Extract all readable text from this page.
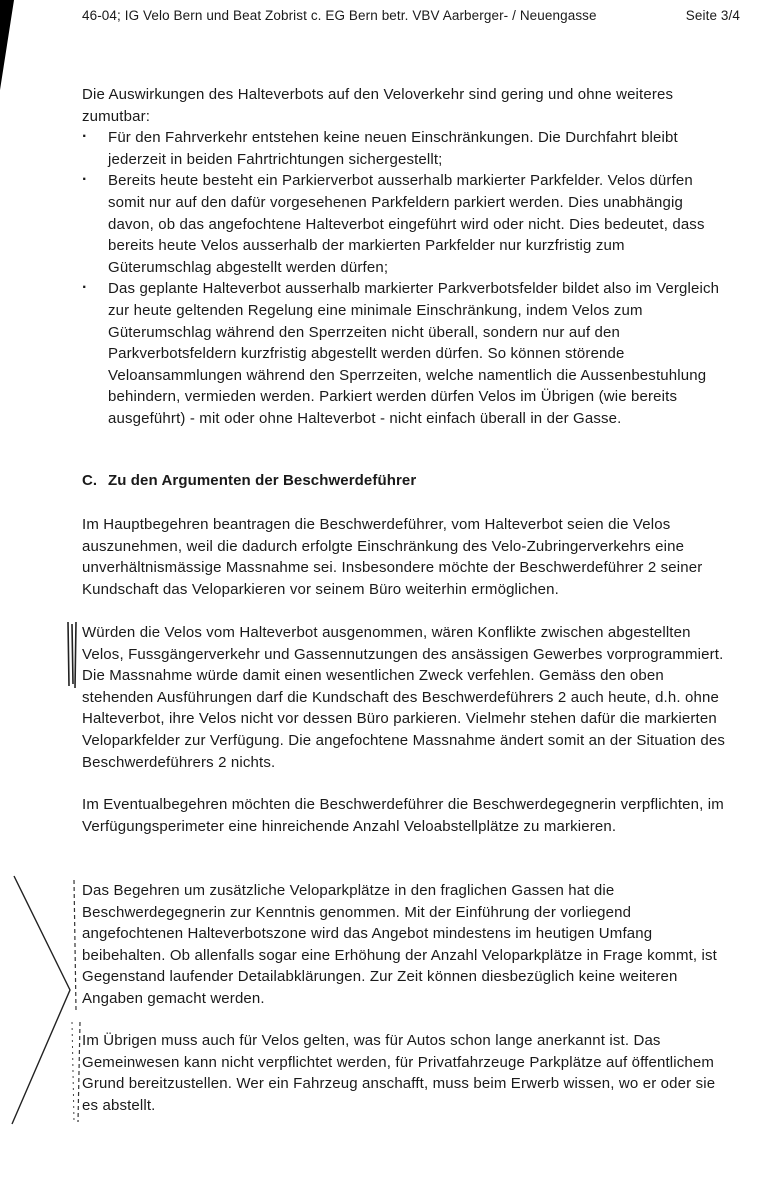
46-04; IG Velo Bern und Beat Zobrist c. EG Bern betr. VBV Aarberger- / Neuengasse	Seite 3/4

Die Auswirkungen des Halteverbots auf den Veloverkehr sind gering und ohne weiteres zumutbar:

· Für den Fahrverkehr entstehen keine neuen Einschränkungen. Die Durchfahrt bleibt jederzeit in beiden Fahrtrichtungen sichergestellt;
· Bereits heute besteht ein Parkierverbot ausserhalb markierter Parkfelder. Velos dürfen somit nur auf den dafür vorgesehenen Parkfeldern parkiert werden. Dies unabhängig davon, ob das angefochtene Halteverbot eingeführt wird oder nicht. Dies bedeutet, dass bereits heute Velos ausserhalb der markierten Parkfelder nur kurzfristig zum Güterumschlag abgestellt werden dürfen;
· Das geplante Halteverbot ausserhalb markierter Parkverbotsfelder bildet also im Vergleich zur heute geltenden Regelung eine minimale Einschränkung, indem Velos zum Güterumschlag während den Sperrzeiten nicht überall, sondern nur auf den Parkverbotsfeldern kurzfristig abgestellt werden dürfen. So können störende Veloansammlungen während den Sperrzeiten, welche namentlich die Aussenbestuhlung behindern, vermieden werden. Parkiert werden dürfen Velos im Übrigen (wie bereits ausgeführt) - mit oder ohne Halteverbot - nicht einfach überall in der Gasse.
C. Zu den Argumenten der Beschwerdeführer

Im Hauptbegehren beantragen die Beschwerdeführer, vom Halteverbot seien die Velos auszunehmen, weil die dadurch erfolgte Einschränkung des Velo-Zubringerverkehrs eine unverhältnismässige Massnahme sei. Insbesondere möchte der Beschwerdeführer 2 seiner Kundschaft das Veloparkieren vor seinem Büro weiterhin ermöglichen.

Würden die Velos vom Halteverbot ausgenommen, wären Konflikte zwischen abgestellten Velos, Fussgängerverkehr und Gassennutzungen des ansässigen Gewerbes vorprogrammiert. Die Massnahme würde damit einen wesentlichen Zweck verfehlen. Gemäss den oben stehenden Ausführungen darf die Kundschaft des Beschwerdeführers 2 auch heute, d.h. ohne Halteverbot, ihre Velos nicht vor dessen Büro parkieren. Vielmehr stehen dafür die markierten Veloparkfelder zur Verfügung. Die angefochtene Massnahme ändert somit an der Situation des Beschwerdeführers 2 nichts.

Im Eventualbegehren möchten die Beschwerdeführer die Beschwerdegegnerin verpflichten, im Verfügungsperimeter eine hinreichende Anzahl Veloabstellplätze zu markieren.

Das Begehren um zusätzliche Veloparkplätze in den fraglichen Gassen hat die Beschwerdegegnerin zur Kenntnis genommen. Mit der Einführung der vorliegend angefochtenen Halteverbotszone wird das Angebot mindestens im heutigen Umfang beibehalten. Ob allenfalls sogar eine Erhöhung der Anzahl Veloparkplätze in Frage kommt, ist Gegenstand laufender Detailabklärungen. Zur Zeit können diesbezüglich keine weiteren Angaben gemacht werden.

Im Übrigen muss auch für Velos gelten, was für Autos schon lange anerkannt ist. Das Gemeinwesen kann nicht verpflichtet werden, für Privatfahrzeuge Parkplätze auf öffentlichem Grund bereitzustellen. Wer ein Fahrzeug anschafft, muss beim Erwerb wissen, wo er oder sie es abstellt.
